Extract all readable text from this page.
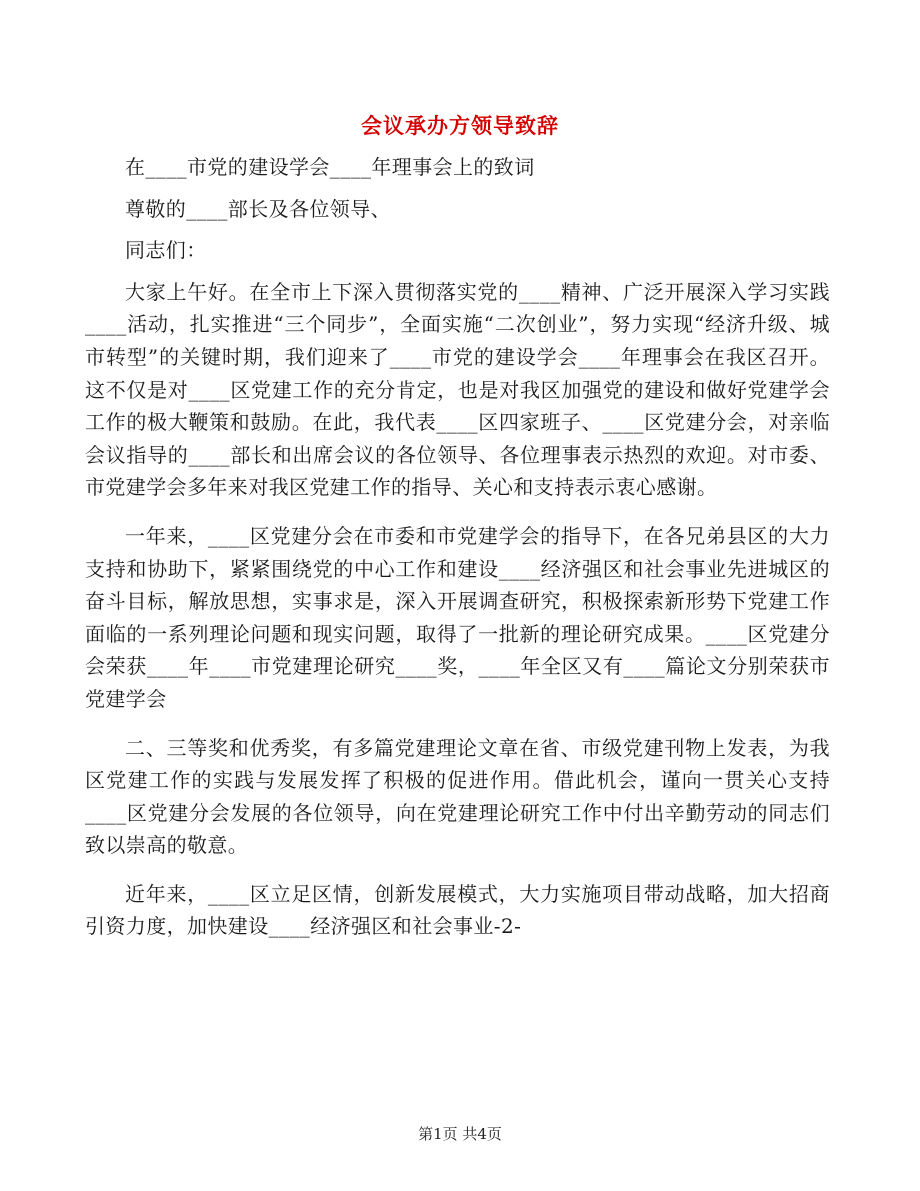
会议承办方领导致辞

在____市党的建设学会____年理事会上的致词

尊敬的____部长及各位领导、

同志们：

大家上午好。在全市上下深入贯彻落实党的____精神、广泛开展深入学习实践____活动，扎实推进“三个同步”，全面实施“二次创业”，努力实现“经济升级、城市转型”的关键时期，我们迎来了____市党的建设学会____年理事会在我区召开。这不仅是对____区党建工作的充分肯定，也是对我区加强党的建设和做好党建学会工作的极大鞭策和鼓励。在此，我代表____区四家班子、____区党建分会，对亲临会议指导的____部长和出席会议的各位领导、各位理事表示热烈的欢迎。对市委、市党建学会多年来对我区党建工作的指导、关心和支持表示衷心感谢。

一年来，____区党建分会在市委和市党建学会的指导下，在各兄弟县区的大力支持和协助下，紧紧围绕党的中心工作和建设____经济强区和社会事业先进城区的奋斗目标，解放思想，实事求是，深入开展调查研究，积极探索新形势下党建工作面临的一系列理论问题和现实问题，取得了一批新的理论研究成果。____区党建分会荣获____年____市党建理论研究____奖，____年全区又有____篇论文分别荣获市党建学会

二、三等奖和优秀奖，有多篇党建理论文章在省、市级党建刊物上发表，为我区党建工作的实践与发展发挥了积极的促进作用。借此机会，谨向一贯关心支持____区党建分会发展的各位领导，向在党建理论研究工作中付出辛勤劳动的同志们致以崇高的敬意。

近年来，____区立足区情，创新发展模式，大力实施项目带动战略，加大招商引资力度，加快建设____经济强区和社会事业-2-

第1页 共4页
